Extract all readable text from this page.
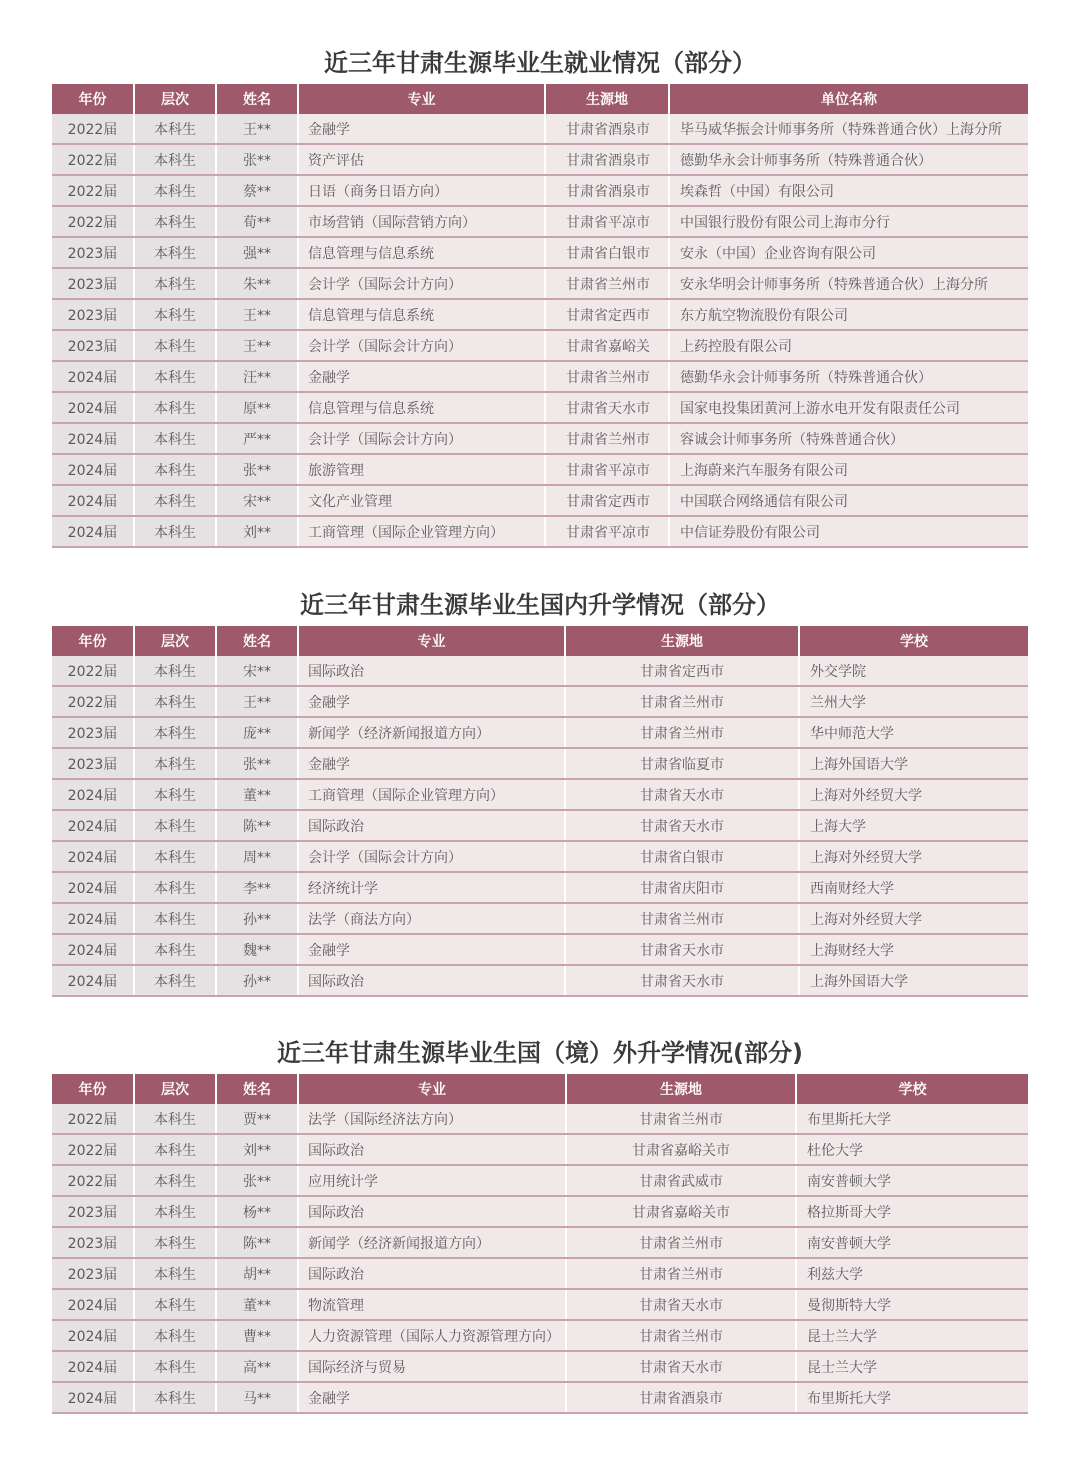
近三年甘肃生源毕业生就业情况（部分）
年份	层次	姓名	专业	生源地	单位名称
2022届	本科生	王**	金融学	甘肃省酒泉市	毕马威华振会计师事务所（特殊普通合伙）上海分所
2022届	本科生	张**	资产评估	甘肃省酒泉市	德勤华永会计师事务所（特殊普通合伙）
2022届	本科生	蔡**	日语（商务日语方向）	甘肃省酒泉市	埃森哲（中国）有限公司
2022届	本科生	荀**	市场营销（国际营销方向）	甘肃省平凉市	中国银行股份有限公司上海市分行
2023届	本科生	强**	信息管理与信息系统	甘肃省白银市	安永（中国）企业咨询有限公司
2023届	本科生	朱**	会计学（国际会计方向）	甘肃省兰州市	安永华明会计师事务所（特殊普通合伙）上海分所
2023届	本科生	王**	信息管理与信息系统	甘肃省定西市	东方航空物流股份有限公司
2023届	本科生	王**	会计学（国际会计方向）	甘肃省嘉峪关	上药控股有限公司
2024届	本科生	汪**	金融学	甘肃省兰州市	德勤华永会计师事务所（特殊普通合伙）
2024届	本科生	原**	信息管理与信息系统	甘肃省天水市	国家电投集团黄河上游水电开发有限责任公司
2024届	本科生	严**	会计学（国际会计方向）	甘肃省兰州市	容诚会计师事务所（特殊普通合伙）
2024届	本科生	张**	旅游管理	甘肃省平凉市	上海蔚来汽车服务有限公司
2024届	本科生	宋**	文化产业管理	甘肃省定西市	中国联合网络通信有限公司
2024届	本科生	刘**	工商管理（国际企业管理方向）	甘肃省平凉市	中信证券股份有限公司
近三年甘肃生源毕业生国内升学情况（部分）
年份	层次	姓名	专业	生源地	学校
2022届	本科生	宋**	国际政治	甘肃省定西市	外交学院
2022届	本科生	王**	金融学	甘肃省兰州市	兰州大学
2023届	本科生	庞**	新闻学（经济新闻报道方向）	甘肃省兰州市	华中师范大学
2023届	本科生	张**	金融学	甘肃省临夏市	上海外国语大学
2024届	本科生	董**	工商管理（国际企业管理方向）	甘肃省天水市	上海对外经贸大学
2024届	本科生	陈**	国际政治	甘肃省天水市	上海大学
2024届	本科生	周**	会计学（国际会计方向）	甘肃省白银市	上海对外经贸大学
2024届	本科生	李**	经济统计学	甘肃省庆阳市	西南财经大学
2024届	本科生	孙**	法学（商法方向）	甘肃省兰州市	上海对外经贸大学
2024届	本科生	魏**	金融学	甘肃省天水市	上海财经大学
2024届	本科生	孙**	国际政治	甘肃省天水市	上海外国语大学
近三年甘肃生源毕业生国（境）外升学情况(部分)
年份	层次	姓名	专业	生源地	学校
2022届	本科生	贾**	法学（国际经济法方向）	甘肃省兰州市	布里斯托大学
2022届	本科生	刘**	国际政治	甘肃省嘉峪关市	杜伦大学
2022届	本科生	张**	应用统计学	甘肃省武威市	南安普顿大学
2023届	本科生	杨**	国际政治	甘肃省嘉峪关市	格拉斯哥大学
2023届	本科生	陈**	新闻学（经济新闻报道方向）	甘肃省兰州市	南安普顿大学
2023届	本科生	胡**	国际政治	甘肃省兰州市	利兹大学
2024届	本科生	董**	物流管理	甘肃省天水市	曼彻斯特大学
2024届	本科生	曹**	人力资源管理（国际人力资源管理方向）	甘肃省兰州市	昆士兰大学
2024届	本科生	高**	国际经济与贸易	甘肃省天水市	昆士兰大学
2024届	本科生	马**	金融学	甘肃省酒泉市	布里斯托大学
